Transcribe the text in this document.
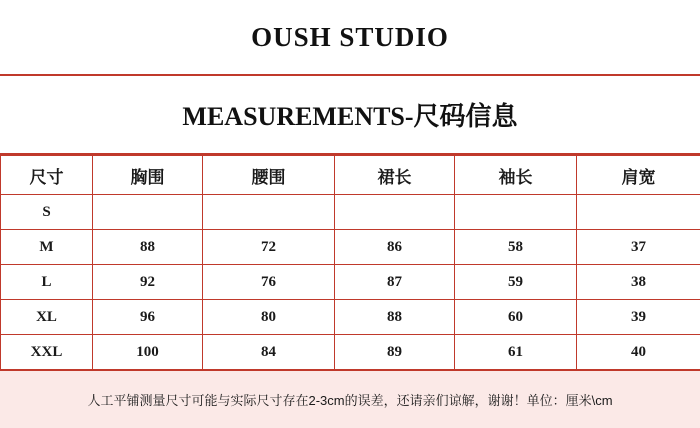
OUSH STUDIO
MEASUREMENTS-尺码信息
尺寸	胸围	腰围	裙长	袖长	肩宽
S					
M	88	72	86	58	37
L	92	76	87	59	38
XL	96	80	88	60	39
XXL	100	84	89	61	40
人工平铺测量尺寸可能与实际尺寸存在2-3cm的误差，还请亲们谅解，谢谢！单位：厘米\cm
